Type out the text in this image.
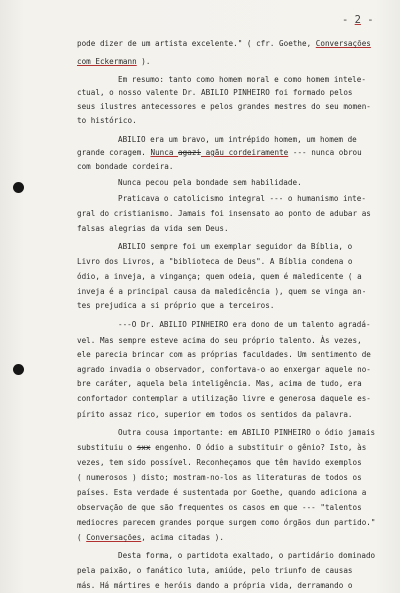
- 2 -
pode dizer de um artista excelente." ( cfr. Goethe, Conversações
com Eckermann ).
Em resumo: tanto como homem moral e como homem intele-
ctual, o nosso valente Dr. ABILIO PINHEIRO foi formado pelos
seus ilustres antecessores e pelos grandes mestres do seu momen-
to histórico.
ABILIO era um bravo, um intrépido homem, um homem de
grande coragem. Nunca agazi agãu cordeiramente --- nunca obrou
com bondade cordeira.
Nunca pecou pela bondade sem habilidade.
Praticava o catolicismo integral --- o humanismo inte-
gral do cristianismo. Jamais foi insensato ao ponto de adubar as
falsas alegrias da vida sem Deus.
ABILIO sempre foi um exemplar seguidor da Bíblia, o
Livro dos Livros, a "biblioteca de Deus". A Bíblia condena o
ódio, a inveja, a vingança; quem odeia, quem é maledicente ( a
inveja é a principal causa da maledicência ), quem se vinga an-
tes prejudica a si próprio que a terceiros.
---O Dr. ABILIO PINHEIRO era dono de um talento agradá-
vel. Mas sempre esteve acima do seu próprio talento. Às vezes,
ele parecia brincar com as próprias faculdades. Um sentimento de
agrado invadia o observador, confortava-o ao enxergar aquele no-
bre caráter, aquela bela inteligência. Mas, acima de tudo, era
confortador contemplar a utilização livre e generosa daquele es-
pírito assaz rico, superior em todos os sentidos da palavra.
Outra cousa importante: em ABILIO PINHEIRO o ódio jamais
substituiu o sxx engenho. O ódio a substituir o gênio? Isto, às
vezes, tem sido possível. Reconheçamos que têm havido exemplos
( numerosos ) disto; mostram-no-los as literaturas de todos os
países. Esta verdade é sustentada por Goethe, quando adiciona a
observação de que são frequentes os casos em que --- "talentos
mediocres parecem grandes porque surgem como órgãos dun partido."
( Conversações, acima citadas ).
Desta forma, o partidota exaltado, o partidário dominado
pela paixão, o fanático luta, amiúde, pelo triunfo de causas
más. Há mártires e heróis dando a própria vida, derramando o
